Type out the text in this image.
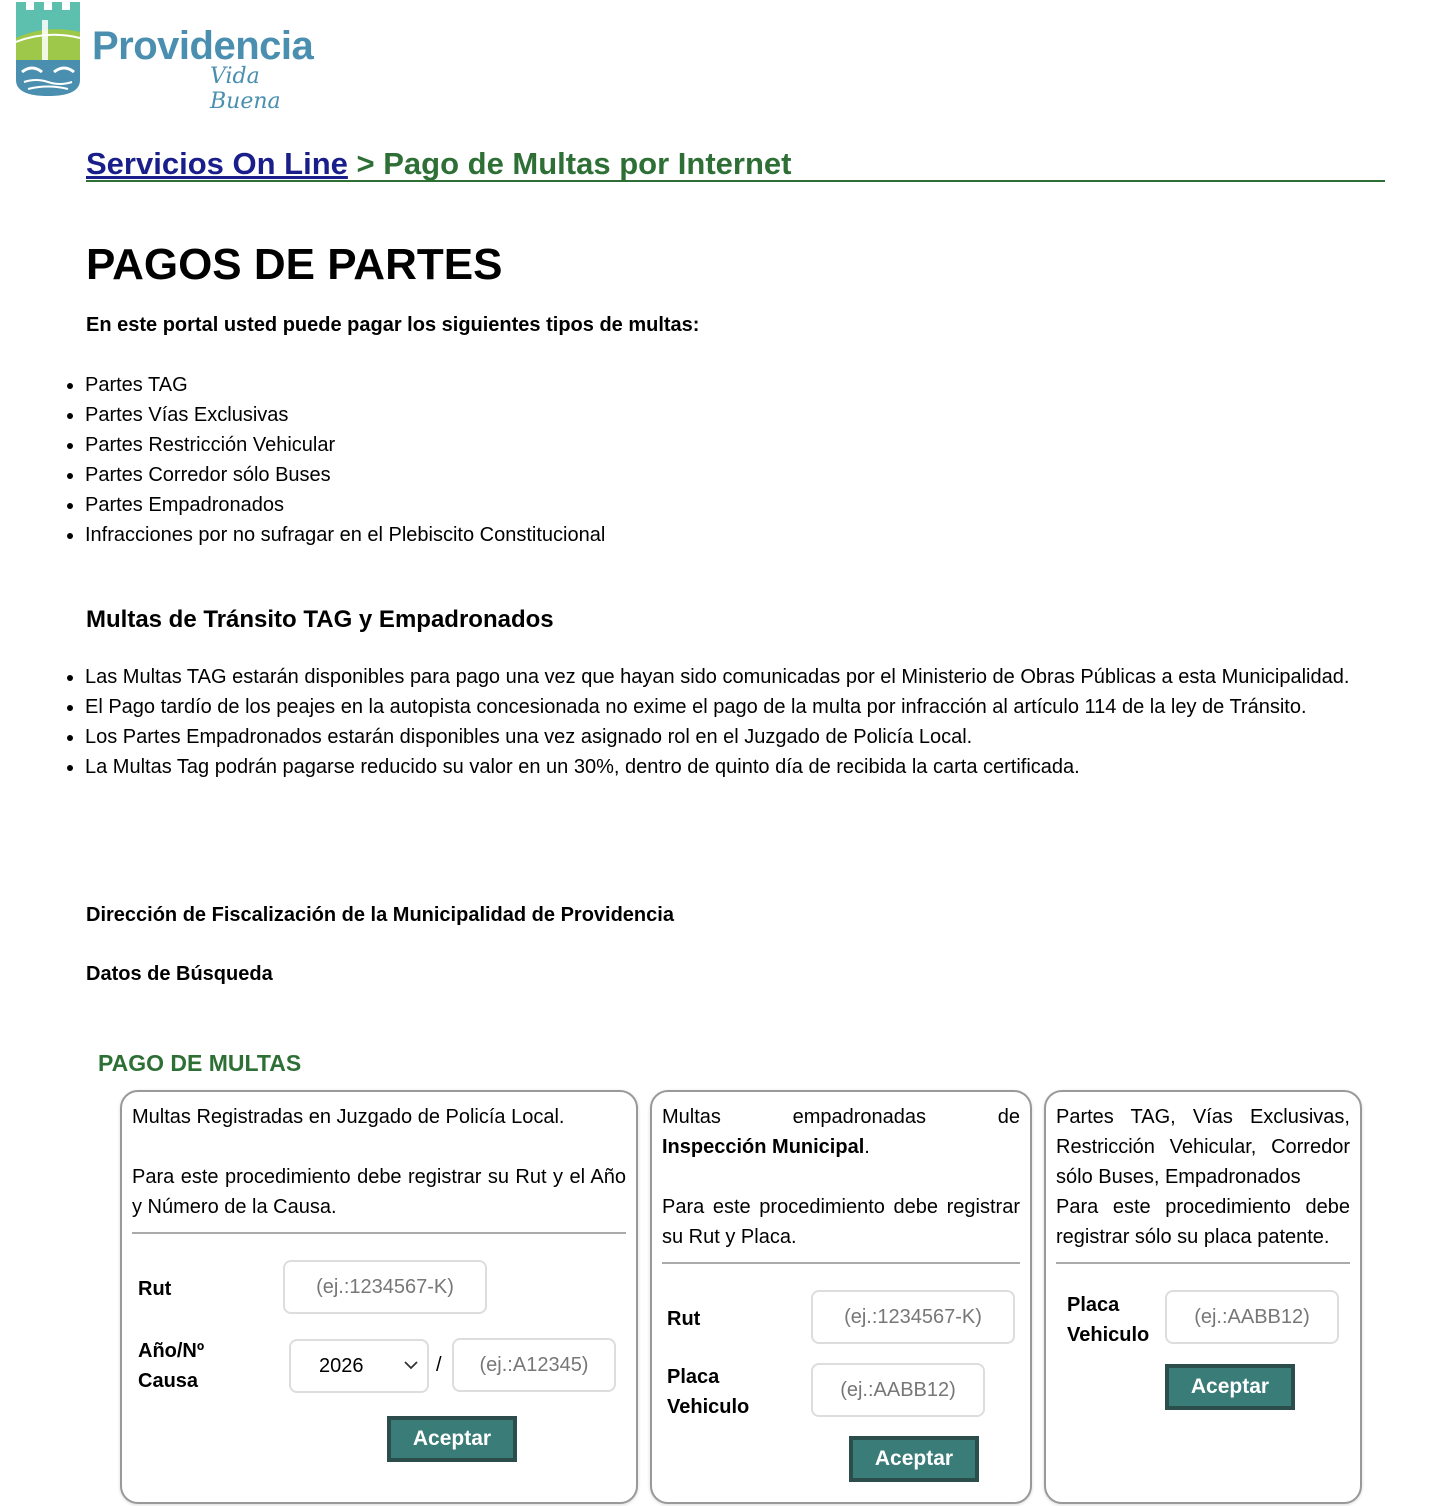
Providencia
Vida Buena
Servicios On Line > Pago de Multas por Internet
PAGOS DE PARTES
En este portal usted puede pagar los siguientes tipos de multas:
• Partes TAG
• Partes Vías Exclusivas
• Partes Restricción Vehicular
• Partes Corredor sólo Buses
• Partes Empadronados
• Infracciones por no sufragar en el Plebiscito Constitucional
Multas de Tránsito TAG y Empadronados
• Las Multas TAG estarán disponibles para pago una vez que hayan sido comunicadas por el Ministerio de Obras Públicas a esta Municipalidad.
• El Pago tardío de los peajes en la autopista concesionada no exime el pago de la multa por infracción al artículo 114 de la ley de Tránsito.
• Los Partes Empadronados estarán disponibles una vez asignado rol en el Juzgado de Policía Local.
• La Multas Tag podrán pagarse reducido su valor en un 30%, dentro de quinto día de recibida la carta certificada.
Dirección de Fiscalización de la Municipalidad de Providencia
Datos de Búsqueda
PAGO DE MULTAS
Multas Registradas en Juzgado de Policía Local.
Para este procedimiento debe registrar su Rut y el Año y Número de la Causa.
Rut
(ej.:1234567-K)
Año/Nº Causa
2026	/
(ej.:A12345)
Aceptar
Multas empadronadas de
Inspección Municipal.
Para este procedimiento debe registrar su Rut y Placa.
Rut
(ej.:1234567-K)
Placa Vehiculo
(ej.:AABB12)
Aceptar
Partes TAG, Vías Exclusivas, Restricción Vehicular, Corredor sólo Buses, Empadronados
Para este procedimiento debe registrar sólo su placa patente.
Placa Vehiculo
(ej.:AABB12)
Aceptar
